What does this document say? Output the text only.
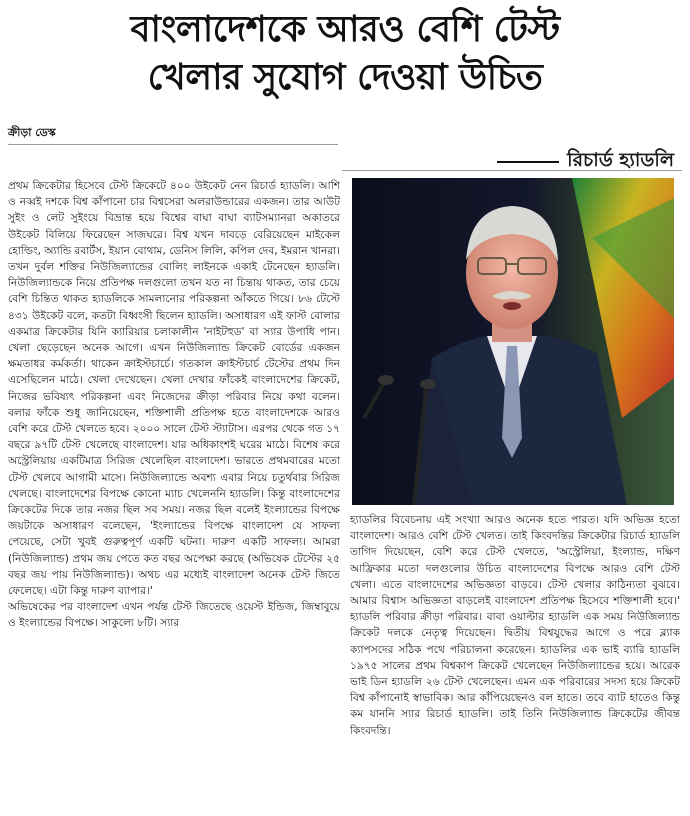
বাংলাদেশকে আরও বেশি টেস্ট
খেলার সুযোগ দেওয়া উচিত
ক্রীড়া ডেস্ক
রিচার্ড হ্যাডলি

প্রথম ক্রিকেটার হিসেবে টেস্ট ক্রিকেটে ৪০০ উইকেট নেন রিচার্ড হ্যাডলি। আশি ও নব্বই দশকে বিশ্ব কাঁপানো চার বিশ্বসেরা অলরাউন্ডারের একজন। তার আউট সুইং ও লেট সুইংয়ে বিভ্রান্ত হয়ে বিশ্বের বাঘা বাঘা ব্যাটসম্যানরা অকাতরে উইকেট বিলিয়ে ফিরেছেন সাজঘরে। বিশ্ব যখন দাবড়ে বেরিয়েছেন মাইকেল হোল্ডিং, অ্যান্ডি রবার্টস, ইয়ান বোথাম, ডেনিস লিলি, কপিল দেব, ইমরান খানরা। তখন দুর্বল শক্তির নিউজিল্যান্ডের বোলিং লাইনকে একাই টেনেছেন হ্যাডলি। নিউজিল্যান্ডকে নিয়ে প্রতিপক্ষ দলগুলো তখন যত না চিন্তায় থাকত, তার চেয়ে বেশি চিন্তিত থাকত হ্যাডলিকে সামলানোর পরিকল্পনা আঁকতে গিয়ে। ৮৬ টেস্টে ৪৩১ উইকেট বলে, কতটা বিধ্বংসী ছিলেন হ্যাডলি। অসাধারণ এই ফাস্ট বোলার একমাত্র ক্রিকেটার যিনি ক্যারিয়ার চলাকালীন 'নাইটহুড' বা স্যার উপাধি পান। খেলা ছেড়েছেন অনেক আগে। এখন নিউজিল্যান্ড ক্রিকেট বোর্ডের একজন ক্ষমতাধর কর্মকর্তা। থাকেন ক্রাইস্টচার্চে। গতকাল ক্রাইস্টচার্চ টেস্টের প্রথম দিন এসেছিলেন মাঠে। খেলা দেখেছেন। খেলা দেখার ফাঁকেই বাংলাদেশের ক্রিকেট, নিজের ভবিষ্যৎ পরিকল্পনা এবং নিজেদের ক্রীড়া পরিবার নিয়ে কথা বলেন। বলার ফাঁকে শুধু জানিয়েছেন, শক্তিশালী প্রতিপক্ষ হতে বাংলাদেশকে আরও বেশি করে টেস্ট খেলতে হবে। ২০০০ সালে টেস্ট স্ট্যাটাস। এরপর থেকে গত ১৭ বছরে ৯৭টি টেস্ট খেলেছে বাংলাদেশ। যার অধিকাংশই ঘরের মাঠে। বিশেষ করে অস্ট্রেলিয়ায় একটিমাত্র সিরিজ খেলেছিল বাংলাদেশ। ভারতে প্রথমবারের মতো টেস্ট খেলবে আগামী মাসে। নিউজিল্যান্ডে অবশ্য এবার নিয়ে চতুর্থবার সিরিজ খেলছে। বাংলাদেশের বিপক্ষে কোনো ম্যাচ খেলেননি হ্যাডলি। কিন্তু বাংলাদেশের ক্রিকেটের দিকে তার নজর ছিল সব সময়। নজর ছিল বলেই ইংল্যান্ডের বিপক্ষে জয়টাকে অসাধারণ বলেছেন, 'ইংল্যান্ডের বিপক্ষে বাংলাদেশ যে সাফল্য পেয়েছে, সেটা খুবই গুরুত্বপূর্ণ একটি ঘটনা। দারুণ একটি সাফল্য। আমরা (নিউজিল্যান্ড) প্রথম জয় পেতে কত বছর অপেক্ষা করছে (অভিষেক টেস্টের ২৫ বছর জয় পায় নিউজিল্যান্ড)। অথচ এর মধ্যেই বাংলাদেশ অনেক টেস্ট জিতে ফেলেছে। এটা কিন্তু দারুণ ব্যাপার।'

অভিষেকের পর বাংলাদেশ এখন পর্যন্ত টেস্ট জিতেছে ওয়েস্ট ইন্ডিজ, জিম্বাবুয়ে ও ইংল্যান্ডের বিপক্ষে। সাকুল্যে ৮টি। স্যার

হ্যাডলির বিবেচনায় এই সংখ্যা আরও অনেক হতে পারত। যদি অভিজ্ঞ হতো বাংলাদেশ। আরও বেশি টেস্ট খেলত। তাই কিংবদন্তির ক্রিকেটার রিচার্ড হ্যাডলি তাগিদ দিয়েছেন, বেশি করে টেস্ট খেলতে, 'অস্ট্রেলিয়া, ইংল্যান্ড, দক্ষিণ আফ্রিকার মতো দলগুলোর উচিত বাংলাদেশের বিপক্ষে আরও বেশি টেস্ট খেলা। এতে বাংলাদেশের অভিজ্ঞতা বাড়বে। টেস্ট খেলার কাঠিন্যতা বুঝবে। আমার বিশ্বাস অভিজ্ঞতা বাড়লেই বাংলাদেশ প্রতিপক্ষ হিসেবে শক্তিশালী হবে।' হ্যাডলি পরিবার ক্রীড়া পরিবার। বাবা ওয়াল্টার হ্যাডলি এক সময় নিউজিল্যান্ড ক্রিকেট দলকে নেতৃত্ব দিয়েছেন। দ্বিতীয় বিশ্বযুদ্ধের আগে ও পরে ব্ল্যাক ক্যাপসদের সঠিক পথে পরিচালনা করেছেন। হ্যাডলির এক ভাই ব্যারি হ্যাডলি ১৯৭৫ সালের প্রথম বিশ্বকাপ ক্রিকেট খেলেছেন নিউজিল্যান্ডের হয়ে। আরেক ভাই ডিন হ্যাডলি ২৬ টেস্ট খেলেছেন। এমন এক পরিবারের সদস্য হয়ে ক্রিকেট বিশ্ব কাঁপানোই স্বাভাবিক। আর কাঁপিয়েছেনও বল হাতে। তবে ব্যাট হাতেও কিন্তু কম যাননি স্যার রিচার্ড হ্যাডলি। তাই তিনি নিউজিল্যান্ড ক্রিকেটের জীবন্ত কিংবদন্তি।
